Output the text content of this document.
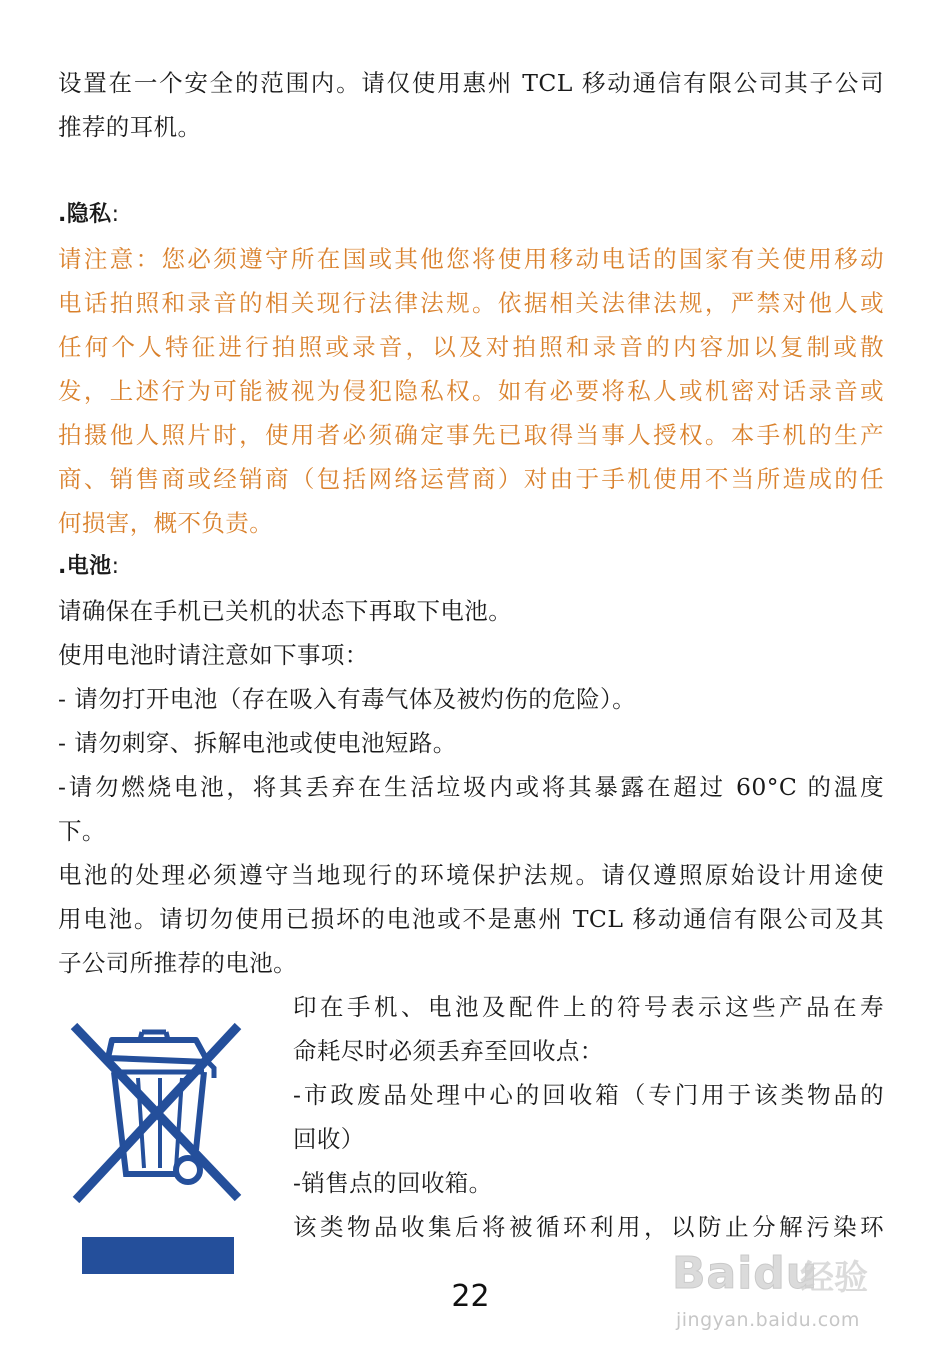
设置在一个安全的范围内。请仅使用惠州 TCL 移动通信有限公司其子公司
推荐的耳机。
.隐私:
请注意：您必须遵守所在国或其他您将使用移动电话的国家有关使用移动
电话拍照和录音的相关现行法律法规。依据相关法律法规，严禁对他人或
任何个人特征进行拍照或录音，以及对拍照和录音的内容加以复制或散
发，上述行为可能被视为侵犯隐私权。如有必要将私人或机密对话录音或
拍摄他人照片时，使用者必须确定事先已取得当事人授权。本手机的生产
商、销售商或经销商（包括网络运营商）对由于手机使用不当所造成的任
何损害，概不负责。
.电池:
请确保在手机已关机的状态下再取下电池。
使用电池时请注意如下事项：
- 请勿打开电池（存在吸入有毒气体及被灼伤的危险）。
- 请勿刺穿、拆解电池或使电池短路。
-请勿燃烧电池，将其丢弃在生活垃圾内或将其暴露在超过 60°C 的温度
下。
电池的处理必须遵守当地现行的环境保护法规。请仅遵照原始设计用途使
用电池。请切勿使用已损坏的电池或不是惠州 TCL 移动通信有限公司及其
子公司所推荐的电池。
印在手机、电池及配件上的符号表示这些产品在寿
命耗尽时必须丢弃至回收点：
-市政废品处理中心的回收箱（专门用于该类物品的
回收）
-销售点的回收箱。
该类物品收集后将被循环利用，以防止分解污染环
22	Baidu
经验
jingyan.baidu.com
